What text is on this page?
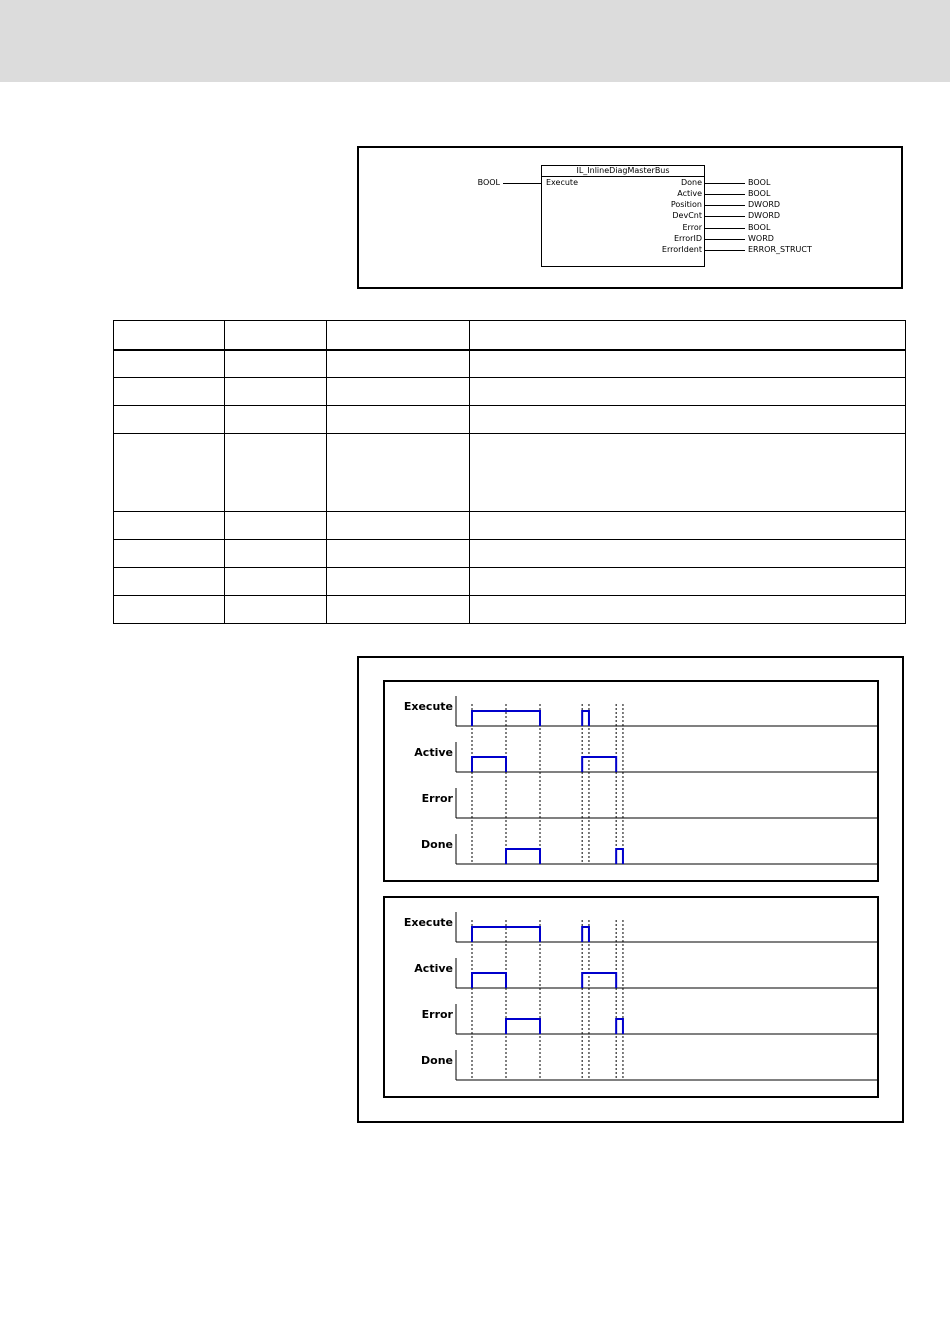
IL_InlineDiagMasterBus
BOOL	Execute	Done	BOOL
Active	BOOL
Position	DWORD
DevCnt	DWORD
Error	BOOL
ErrorID	WORD
ErrorIdent	ERROR_STRUCT

Execute
Active
Error
Done
Execute
Active
Error
Done
